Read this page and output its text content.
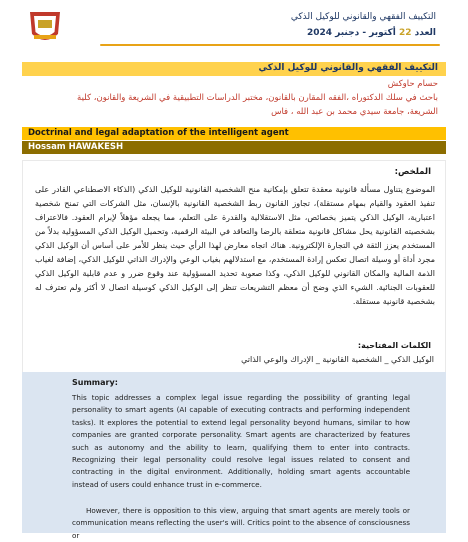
التكييف الفقهي والقانوني للوكيل الذكي
العدد 22 أكتوبر - دجنبر 2024
التكييف الفقهي والقانوني للوكيل الذكي
حسام حاوكش
باحث في سلك الدكتوراه ،الفقه المقارن بالقانون، مختبر الدراسات التطبيقية في الشريعة والقانون، كلية
الشريعة، جامعة سيدي محمد بن عبد الله ، فاس
Doctrinal and legal adaptation of the intelligent agent
Hossam HAWAKESH
الملخص:
الموضوع يتناول مسألة قانونية معقدة تتعلق بإمكانية منح الشخصية القانونية للوكيل الذكي (الذكاء الاصطناعي القادر على تنفيذ العقود والقيام بمهام مستقلة)، تجاوز القانون ربط الشخصية القانونية بالإنسان، مثل الشركات التي تمنح شخصية اعتبارية، الوكيل الذكي يتميز بخصائص، مثل الاستقلالية والقدرة على التعلم، مما يجعله مؤهلاً لإبرام العقود. فالاعتراف بشخصيته القانونية يحل مشاكل قانونية متعلقة بالرضا والتعاقد في البيئة الرقمية، وتحميل الوكيل الذكي المسؤولية بدلاً من المستخدم يعزز الثقة في التجارة الإلكترونية. هناك اتجاه معارض لهذا الرأي حيث ينظر للأمر على أساس أن الوكيل الذكي مجرد أداة أو وسيلة اتصال تعكس إرادة المستخدم، مع استدلالهم بغياب الوعي والإدراك الذاتي للوكيل الذكي، إضافة لغياب الذمة المالية والمكان القانوني للوكيل الذكي، وكذا صعوبة تحديد المسؤولية عند وقوع ضرر و عدم قابلية الوكيل الذكي للعقوبات الجنائية. الشيء الذي وضح أن معظم التشريعات تنظر إلى الوكيل الذكي كوسيلة اتصال لا أكثر ولم تعترف له بشخصية قانونية مستقلة.
الكلمات المفتاحية:
Summary:
This topic addresses a complex legal issue regarding the possibility of granting legal personality to smart agents (AI capable of executing contracts and performing independent tasks). It explores the potential to extend legal personality beyond humans, similar to how companies are granted corporate personality. Smart agents are characterized by features such as autonomy and the ability to learn, qualifying them to enter into contracts. Recognizing their legal personality could resolve legal issues related to consent and contracting in the digital environment. Additionally, holding smart agents accountable instead of users could enhance trust in e-commerce.
However, there is opposition to this view, arguing that smart agents are merely tools or communication means reflecting the user's will. Critics point to the absence of consciousness or
الوكيل الذكي _ الشخصية القانونية _ الإدراك والوعي الذاتي
